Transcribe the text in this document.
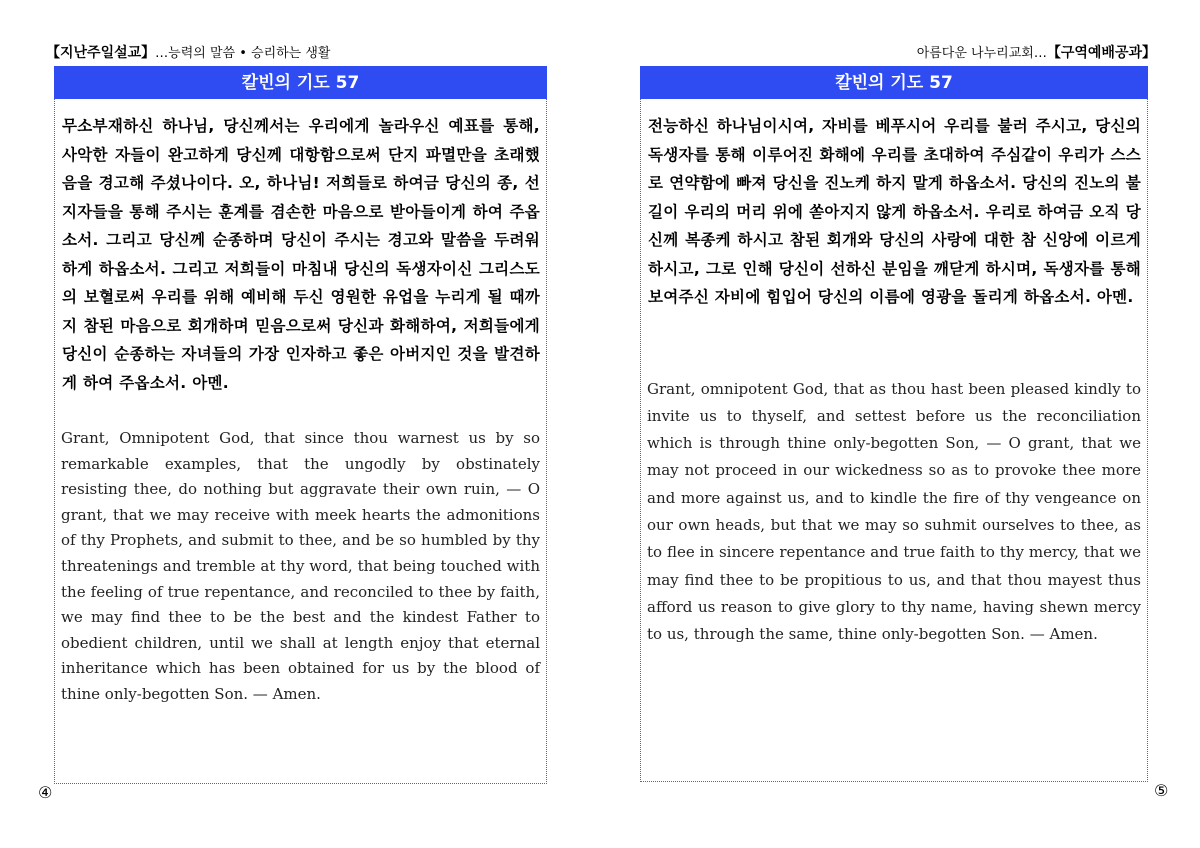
【지난주일설교】…능력의 말씀 • 승리하는 생활
칼빈의 기도 57

무소부재하신 하나님, 당신께서는 우리에게 놀라우신 예표를 통해, 사악한 자들이 완고하게 당신께 대항함으로써 단지 파멸만을 초래했음을 경고해 주셨나이다. 오, 하나님! 저희들로 하여금 당신의 종, 선지자들을 통해 주시는 훈계를 겸손한 마음으로 받아들이게 하여 주옵소서. 그리고 당신께 순종하며 당신이 주시는 경고와 말씀을 두려워하게 하옵소서. 그리고 저희들이 마침내 당신의 독생자이신 그리스도의 보혈로써 우리를 위해 예비해 두신 영원한 유업을 누리게 될 때까지 참된 마음으로 회개하며 믿음으로써 당신과 화해하여, 저희들에게 당신이 순종하는 자녀들의 가장 인자하고 좋은 아버지인 것을 발견하게 하여 주옵소서. 아멘.

Grant, Omnipotent God, that since thou warnest us by so remarkable examples, that the ungodly by obstinately resisting thee, do nothing but aggravate their own ruin, — O grant, that we may receive with meek hearts the admonitions of thy Prophets, and submit to thee, and be so humbled by thy threatenings and tremble at thy word, that being touched with the feeling of true repentance, and reconciled to thee by faith, we may find thee to be the best and the kindest Father to obedient children, until we shall at length enjoy that eternal inheritance which has been obtained for us by the blood of thine only-begotten Son. — Amen.

④
아름다운 나누리교회…【구역예배공과】
칼빈의 기도 57

전능하신 하나님이시여, 자비를 베푸시어 우리를 불러 주시고, 당신의 독생자를 통해 이루어진 화해에 우리를 초대하여 주심같이 우리가 스스로 연약함에 빠져 당신을 진노케 하지 말게 하옵소서. 당신의 진노의 불길이 우리의 머리 위에 쏟아지지 않게 하옵소서. 우리로 하여금 오직 당신께 복종케 하시고 참된 회개와 당신의 사랑에 대한 참 신앙에 이르게 하시고, 그로 인해 당신이 선하신 분임을 깨닫게 하시며, 독생자를 통해 보여주신 자비에 힘입어 당신의 이름에 영광을 돌리게 하옵소서. 아멘.

Grant, omnipotent God, that as thou hast been pleased kindly to invite us to thyself, and settest before us the reconciliation which is through thine only-begotten Son, — O grant, that we may not proceed in our wickedness so as to provoke thee more and more against us, and to kindle the fire of thy vengeance on our own heads, but that we may so suhmit ourselves to thee, as to flee in sincere repentance and true faith to thy mercy, that we may find thee to be propitious to us, and that thou mayest thus afford us reason to give glory to thy name, having shewn mercy to us, through the same, thine only-begotten Son. — Amen.

⑤
